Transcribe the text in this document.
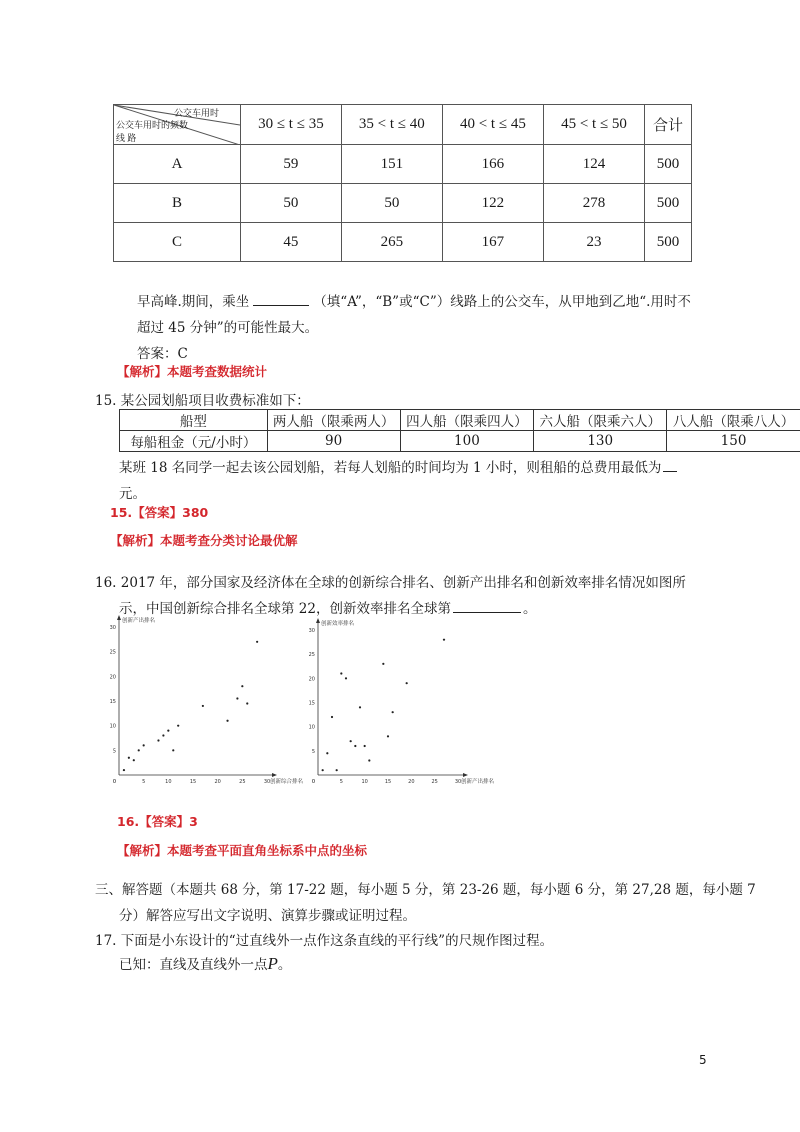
公交车用时
公交车用时的频数
线 路	30 ≤ t ≤ 35	35 < t ≤ 40	40 < t ≤ 45	45 < t ≤ 50	合计
A	59	151	166	124	500
B	50	50	122	278	500
C	45	265	167	23	500
早高峰.期间，乘坐	（填“A”，“B”或“C”）线路上的公交车，从甲地到乙地“.用时不
超过 45 分钟”的可能性最大。
答案：C
【解析】本题考查数据统计
15. 某公园划船项目收费标准如下：
船型	两人船（限乘两人）	四人船（限乘四人）	六人船（限乘六人）	八人船（限乘八人）
每船租金（元/小时）	90	100	130	150
某班 18 名同学一起去该公园划船，若每人划船的时间均为 1 小时，则租船的总费用最低为
元。
15.【答案】380
【解析】本题考查分类讨论最优解
16. 2017 年，部分国家及经济体在全球的创新综合排名、创新产出排名和创新效率排名情况如图所
示，中国创新综合排名全球第 22，创新效率排名全球第	。
0	5	10	15	20	25	30
5
10
15
20
25
30
创新产出排名
创新综合排名 0	5	10	15	20	25	30
5
10
15
20
25
30
创新效率排名
创新产出排名
16.【答案】3
【解析】本题考查平面直角坐标系中点的坐标
三、解答题（本题共 68 分，第 17-22 题，每小题 5 分，第 23-26 题，每小题 6 分，第 27,28 题，每小题 7
分）解答应写出文字说明、演算步骤或证明过程。
17. 下面是小东设计的“过直线外一点作这条直线的平行线”的尺规作图过程。
已知：直线及直线外一点P。
5
